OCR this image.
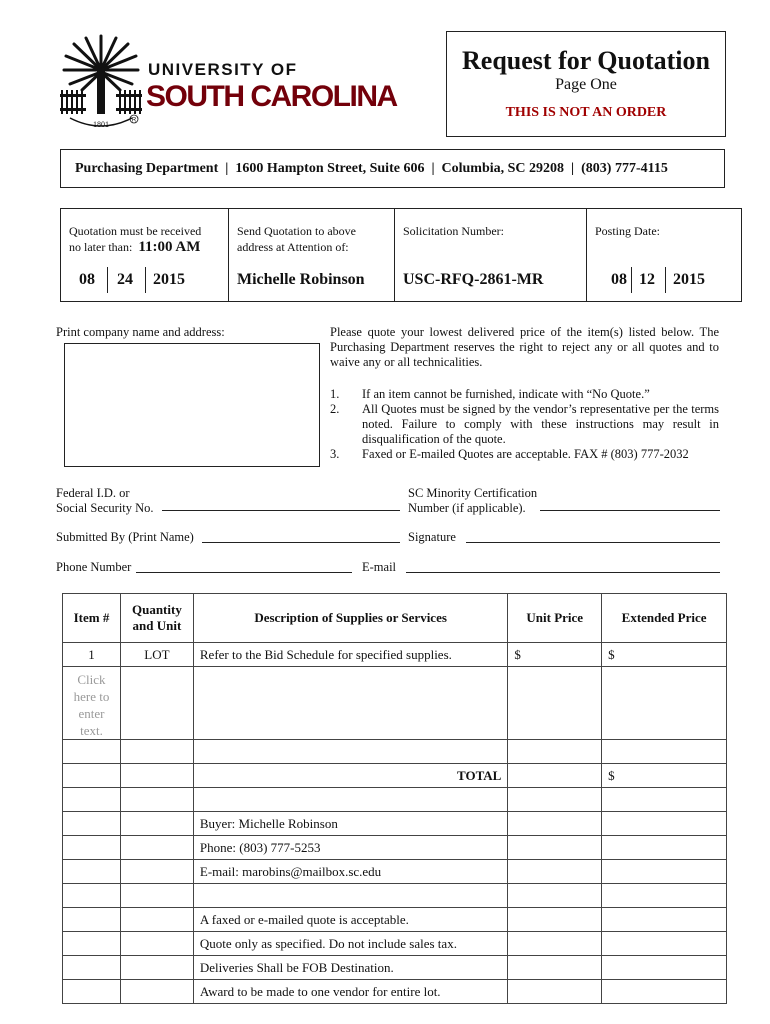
1801	R
UNIVERSITY OF
SOUTH CAROLINA
Request for Quotation
Page One
THIS IS NOT AN ORDER
Purchasing Department  |  1600 Hampton Street, Suite 606  |  Columbia, SC 29208  |  (803) 777-4115
Quotation must be received
no later than: 11:00 AM
08 24 2015
Send Quotation to above
address at Attention of:
Michelle Robinson
Solicitation Number:
USC-RFQ-2861-MR
Posting Date:
08 12 2015
Print company name and address:	Please quote your lowest delivered price of the item(s) listed below. The Purchasing Department reserves the right to reject any or all quotes and to waive any or all technicalities.
1. If an item cannot be furnished, indicate with “No Quote.”
2. All Quotes must be signed by the vendor’s representative per the terms noted. Failure to comply with these instructions may result in disqualification of the quote.
3. Faxed or E-mailed Quotes are acceptable. FAX # (803) 777-2032
Federal I.D. or
Social Security No.
SC Minority Certification
Number (if applicable).
Submitted By (Print Name)	Signature
Phone Number	E-mail
Item #	Quantity and Unit	Description of Supplies or Services	Unit Price	Extended Price
1	LOT	Refer to the Bid Schedule for specified supplies.	$	$
Click here to enter text.				

		TOTAL		$

		Buyer: Michelle Robinson		
		Phone: (803) 777-5253		
		E-mail: marobins@mailbox.sc.edu		

		A faxed or e-mailed quote is acceptable.		
		Quote only as specified. Do not include sales tax.		
		Deliveries Shall be FOB Destination.		
		Award to be made to one vendor for entire lot.		
